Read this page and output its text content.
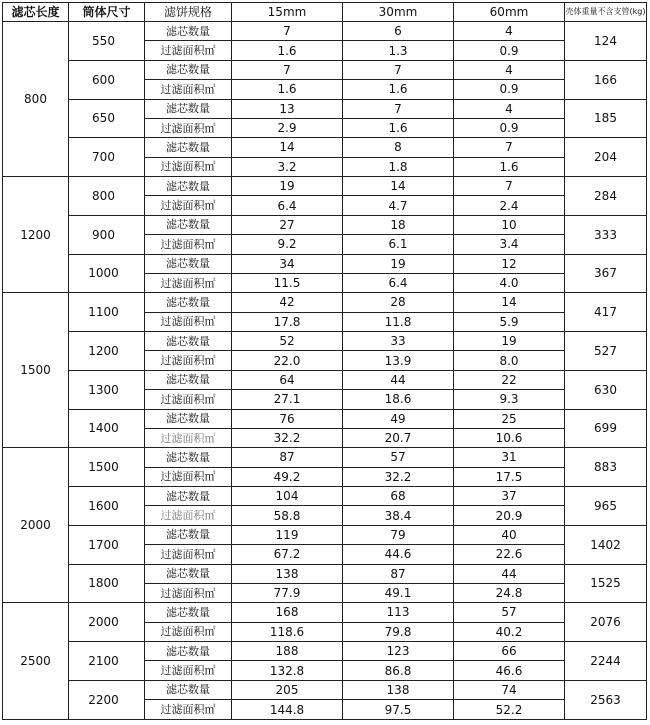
滤芯长度	筒体尺寸	滤饼规格	15mm	30mm	60mm	壳体重量不含支管(kg)
800	550	滤芯数量	7	6	4	124
		过滤面积㎡	1.6	1.3	0.9	
	600	滤芯数量	7	7	4	166
		过滤面积㎡	1.6	1.6	0.9	
	650	滤芯数量	13	7	4	185
		过滤面积㎡	2.9	1.6	0.9	
	700	滤芯数量	14	8	7	204
		过滤面积㎡	3.2	1.8	1.6	
1200	800	滤芯数量	19	14	7	284
		过滤面积㎡	6.4	4.7	2.4	
	900	滤芯数量	27	18	10	333
		过滤面积㎡	9.2	6.1	3.4	
	1000	滤芯数量	34	19	12	367
		过滤面积㎡	11.5	6.4	4.0	
1500	1100	滤芯数量	42	28	14	417
		过滤面积㎡	17.8	11.8	5.9	
	1200	滤芯数量	52	33	19	527
		过滤面积㎡	22.0	13.9	8.0	
	1300	滤芯数量	64	44	22	630
		过滤面积㎡	27.1	18.6	9.3	
	1400	滤芯数量	76	49	25	699
		过滤面积㎡	32.2	20.7	10.6	
2000	1500	滤芯数量	87	57	31	883
		过滤面积㎡	49.2	32.2	17.5	
	1600	滤芯数量	104	68	37	965
		过滤面积㎡	58.8	38.4	20.9	
	1700	滤芯数量	119	79	40	1402
		过滤面积㎡	67.2	44.6	22.6	
	1800	滤芯数量	138	87	44	1525
		过滤面积㎡	77.9	49.1	24.8	
2500	2000	滤芯数量	168	113	57	2076
		过滤面积㎡	118.6	79.8	40.2	
	2100	滤芯数量	188	123	66	2244
		过滤面积㎡	132.8	86.8	46.6	
	2200	滤芯数量	205	138	74	2563
		过滤面积㎡	144.8	97.5	52.2	
